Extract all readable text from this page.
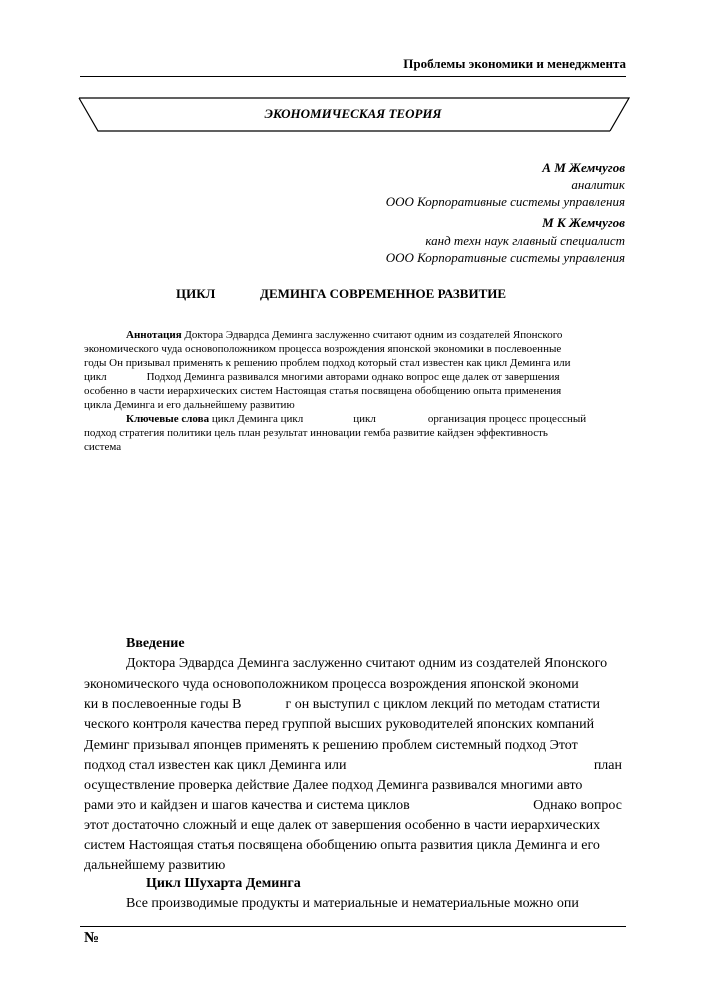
Проблемы экономики и менеджмента
ЭКОНОМИЧЕСКАЯ ТЕОРИЯ
А М Жемчугов
аналитик
ООО Корпоративные системы управления
М К Жемчугов
канд техн наук главный специалист
ООО Корпоративные системы управления
ЦИКЛ	ДЕМИНГА СОВРЕМЕННОЕ РАЗВИТИЕ
Аннотация Доктора Эдвардса Деминга заслуженно считают одним из создателей Японского
экономического чуда основоположником процесса возрождения японской экономики в послевоенные
годы Он призывал применять к решению проблем подход который стал известен как цикл Деминга или
цикл	Подход Деминга развивался многими авторами однако вопрос еще далек от завершения
особенно в части иерархических систем Настоящая статья посвящена обобщению опыта применения
цикла Деминга и его дальнейшему развитию
Ключевые слова цикл Деминга цикл	цикл	организация процесс процессный
подход стратегия политики цель план результат инновации гемба развитие кайдзен эффективность
система
Введение
Доктора Эдвардса Деминга заслуженно считают одним из создателей Японского
экономического чуда основоположником процесса возрождения японской экономи
ки в послевоенные годы В	г он выступил с циклом лекций по методам статисти
ческого контроля качества перед группой высших руководителей японских компаний
Деминг призывал японцев применять к решению проблем системный подход Этот
подход стал известен как цикл Деминга или	план
осуществление проверка действие Далее подход Деминга развивался многими авто
рами это и кайдзен и шагов качества и система циклов	Однако вопрос
этот достаточно сложный и еще далек от завершения особенно в части иерархических
систем Настоящая статья посвящена обобщению опыта развития цикла Деминга и его
дальнейшему развитию
Цикл Шухарта Деминга
Все производимые продукты и материальные и нематериальные можно опи
№
